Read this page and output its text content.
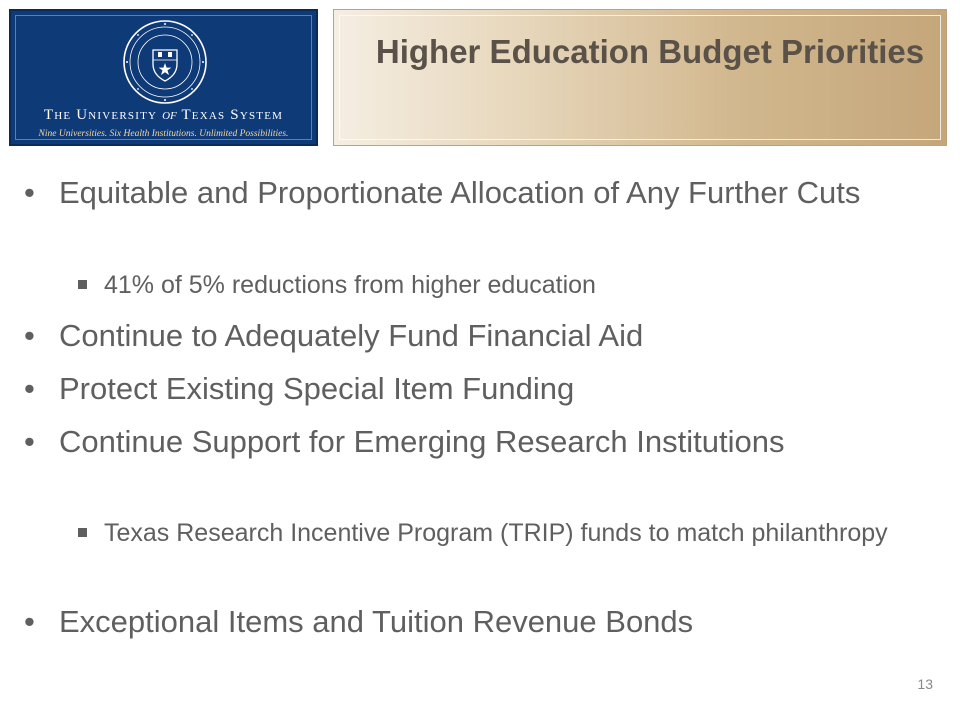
The University of Texas System
Nine Universities. Six Health Institutions. Unlimited Possibilities.
Higher Education Budget Priorities
• Equitable and Proportionate Allocation of Any Further Cuts
41% of 5% reductions from higher education
• Continue to Adequately Fund Financial Aid
• Protect Existing Special Item Funding
• Continue Support for Emerging Research Institutions
Texas Research Incentive Program (TRIP) funds to match philanthropy
• Exceptional Items and Tuition Revenue Bonds
13
